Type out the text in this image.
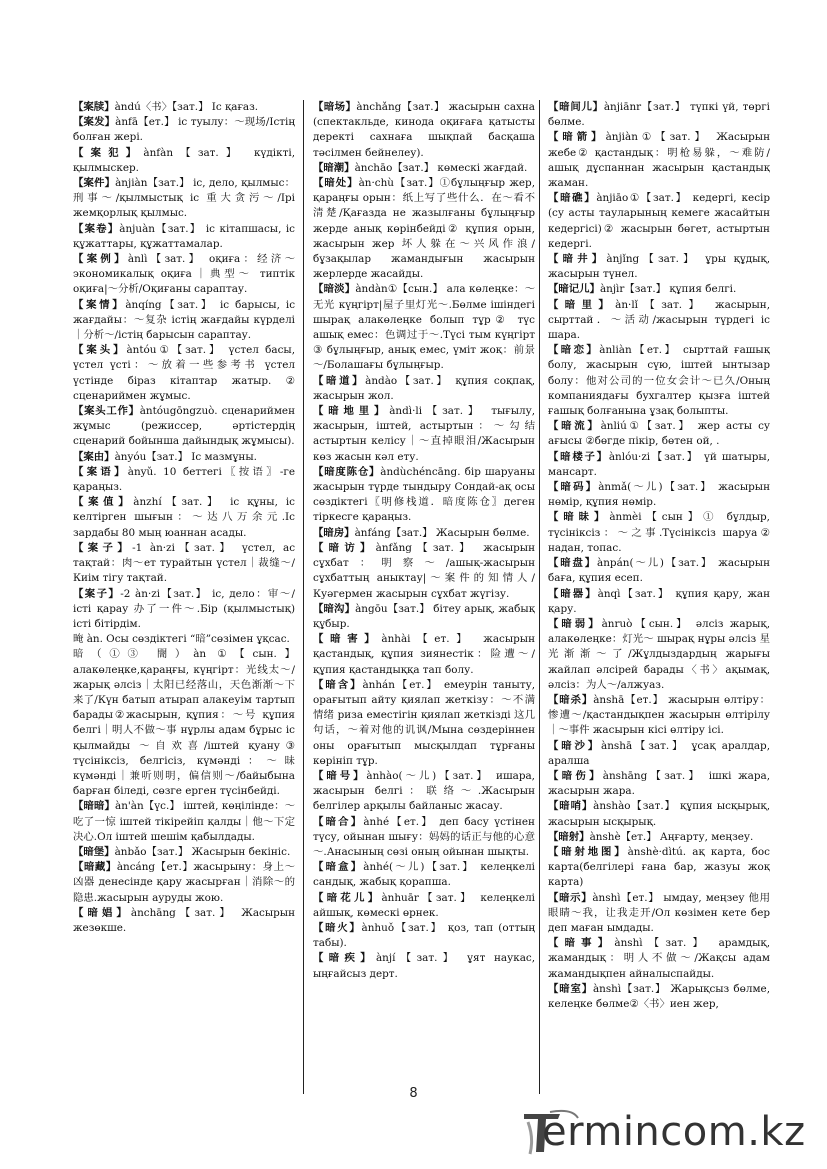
【案牍】àndú〈书〉【зат.】 Іс қағаз.

【案发】ànfā【ет.】 іс туылу：～现场/Істің болған жері.

【案犯】ànfàn【зат.】 күдікті, қылмыскер.

【案件】ànjiàn【зат.】 іс, дело, қылмыс：刑事～/қылмыстық іс 重大贪污～/Ірі жемқорлық қылмыс.

【案卷】ànjuàn【зат.】 іс кітапшасы, іс құжаттары, құжаттамалар.

【案例】ànlì【зат.】 оқиға：经济～ экономикалық оқиға｜典型～ типтік оқиға|～分析/Оқиғаны сараптау.

【案情】ànqíng【зат.】 іс барысы, іс жағдайы：～复杂 істің жағдайы күрделі｜分析～/істің барысын сараптау.

【案头】àntóu①【зат.】 үстел басы, үстел үсті：～放着一些参考书 үстел үстінде біраз кітаптар жатыр. ② сценариймен жұмыс.

【案头工作】àntóugōngzuò. сценариймен жұмыс (режиссер, әртістердің сценарий бойынша дайындық жұмысы).

【案由】ànyóu【зат.】 Іс мазмұны.

【案语】ànyǔ. 10 беттегі〖按语〗-ге қараңыз.

【案值】ànzhí【зат.】 іс құны, іс келтірген шығын：～达八万余元.Іс зардабы 80 мың юаннан асады.

【案子】-1 àn·zi【зат.】 үстел, ас тақтай：肉～ет турайтын үстел｜裁缝～/Киім тігу тақтай.

【案子】-2 àn·zi【зат.】 іс, дело：审～/ істі қарау 办了一件～.Бір (қылмыстық) істі бітірдім.

晻 àn. Осы сөздіктегі “暗”сөзімен ұқсас.

暗（①③ 闇）àn ①【сын.】 алакөлеңке,қараңғы, күңгірт：光线太～/жарық әлсіз｜太阳已经落山，天色渐渐～下来了/Күн батып атырап алакеуім тартып барады②жасырын, құпия：～号 құпия белгі｜明人不做～事 нұрлы адам бұрыс іс қылмайды ～自欢喜/іштей қуану③ түсініксіз, белгісіз, күмәнді：～昧 күмәнді｜兼听则明，偏信则～/байыбына барған біледі, сөзге ерген түсінбейді.

【暗暗】àn'àn【үс.】 іштей, көңілінде：～吃了一惊 іштей тікірейіп қалды｜他～下定决心.Ол іштей шешім қабылдады.

【暗堡】ànbǎo【зат.】 Жасырын бекініс.

【暗藏】àncáng【ет.】жасырыну：身上～凶器 денесінде қару жасырған｜消除～的隐患.жасырын ауруды жою.

【暗娼】ànchāng【зат.】 Жасырын жезөкше.

【暗场】ànchǎng【зат.】 жасырын сахна (спектакльде, кинода оқиғаға қатысты деректі сахнаға шықпай басқаша тәсілмен бейнелеу).

【暗潮】ànchāo【зат.】 көмескі жағдай.

【暗处】àn·chù【зат.】①бұлыңғыр жер, қараңғы орын：纸上写了些什么．在～看不清楚/Қағазда не жазылғаны бұлыңғыр жерде анық көрінбейді② құпия орын, жасырын жер 坏人躲在～兴风作浪/бұзақылар жамандығын жасырын жерлерде жасайды.

【暗淡】àndàn①【сын.】 ала көлеңке：～无光 күңгірт|屋子里灯光～.Бөлме ішіндегі шырақ алакөлеңке болып тұр② түс ашық емес：色调过于～.Түсі тым күңгірт ③ бұлыңғыр, анық емес, үміт жоқ：前景～/Болашағы бұлыңғыр.

【暗道】àndào【зат.】 құпия соқпақ, жасырын жол.

【暗地里】àndì·li【зат.】 тығылу, жасырын, іштей, астыртын：～勾结 астыртын келісу｜～直掉眼泪/Жасырын көз жасын кәл ету.

【暗度陈仓】àndùchéncāng. бір шаруаны жасырын түрде тындыру Сондай-ақ осы сөздіктегі〖明修栈道．暗度陈仓〗деген тіркесге қараңыз.

【暗房】ànfáng【зат.】 Жасырын бөлме.

【暗访】ànfǎng【зат.】 жасырын сұхбат：明察～/ашық-жасырын сұхбаттың аныктау|～案件的知情人/Куәгермен жасырын сұхбат жүгізу.

【暗沟】àngōu【зат.】 бітеу арық, жабық құбыр.

【暗害】ànhài【ет.】 жасырын қастандық, құпия зиянестік：险遭～/құпия қастандыққа тап болу.

【暗含】ànhán【ет.】 емеурін таныту, орағытып айту қиялап жеткізу：～不满情绪 риза еместігін қиялап жеткізді 这几句话，～着对他的讥讽/Мына сөздеріннен оны орағытып мысқылдап тұрғаны көрініп тұр.

【暗号】ànhào(～儿)【зат.】 ишара, жасырын белгі：联络～.Жасырын белгілер арқылы байланыс жасау.

【暗合】ànhé【ет.】 деп басу үстінен түсу, ойынан шығу：妈妈的话正与他的心意～.Анасының сөзі оның ойынан шықты.

【暗盒】ànhé(～儿)【зат.】 келеңкелі сандық, жабық қорапша.

【暗花儿】ànhuār【зат.】 келеңкелі айшық, көмескі өрнек.

【暗火】ànhuǒ【зат.】 қоз, тап (оттың табы).

【暗疾】ànjí【зат.】 ұят наукас, ыңғайсыз дерт.

【暗间儿】ànjiānr【зат.】 түпкі үй, төргі бөлме.

【暗箭】ànjiàn①【зат.】 Жасырын жебе② қастандық：明枪易躲，～难防/ашық дұспаннан жасырын қастандық жаман.

【暗礁】ànjiāo①【зат.】 кедергі, кесір (су асты тауларының кемеге жасайтын кедергісі)② жасырын бөгет, астыртын кедергі.

【暗井】ànjǐng【зат.】 ұры құдық, жасырын түнел.

【暗记儿】ànjìr【зат.】 құпия белгі.

【暗里】àn·lǐ【зат.】 жасырын, сырттай．～活动/жасырын түрдегі іс шара.

【暗恋】ànliàn【ет.】 сырттай ғашық болу, жасырын сүю, іштей ынтызар болу：他对公司的一位女会计～已久/Оның компаниядағы бухгалтер қызға іштей ғашық болғанына ұзақ болыпты.

【暗流】ànliú①【зат.】 жер асты су ағысы ②бөгде пікір, бөтен ой, .

【暗楼子】ànlóu·zi【зат.】 үй шатыры, мансарт.

【暗码】ànmǎ(～儿)【зат.】 жасырын нөмір, құпия нөмір.

【暗昧】ànmèi【сын】① бұлдыр, түсініксіз：～之事.Түсініксіз шаруа② надан, топас.

【暗盘】ànpán(～儿)【зат.】 жасырын баға, құпия есеп.

【暗器】ànqì【зат.】 құпия қару, жан қару.

【暗弱】ànruò【сын.】 әлсіз жарық, алакөлеңке：灯光～ шырақ нұры әлсіз 星光渐渐～了/Жұлдыздардың жарығы жайлап әлсірей барады〈书〉ақымақ, әлсіз：为人～/алжуаз.

【暗杀】ànshā【ет.】 жасырын өлтіру：惨遭～/қастандықпен жасырын өлтірілу｜～事件 жасырын кісі өлтіру ісі.

【暗沙】ànshā【зат.】 ұсақ аралдар, аралша

【暗伤】ànshāng【зат.】 ішкі жара, жасырын жара.

【暗哨】ànshào【зат.】 құпия ысқырық, жасырын ысқырық.

【暗射】ànshè【ет.】 Аңғарту, меңзеу.

【暗射地图】ànshè·dìtú. ақ карта, бос карта(белгілері ғана бар, жазуы жоқ карта)

【暗示】ànshì【ет.】 ымдау, меңзеу 他用眼睛～我，让我走开/Ол көзімен кете бер деп маған ымдады.

【暗事】ànshì【зат.】 арамдық, жамандық：明人不做～/Жақсы адам жамандықпен айналыспайды.

【暗室】ànshì【зат.】 Жарықсыз бөлме, келеңке бөлме②〈书〉иен жер,

8
ermincom.kz
